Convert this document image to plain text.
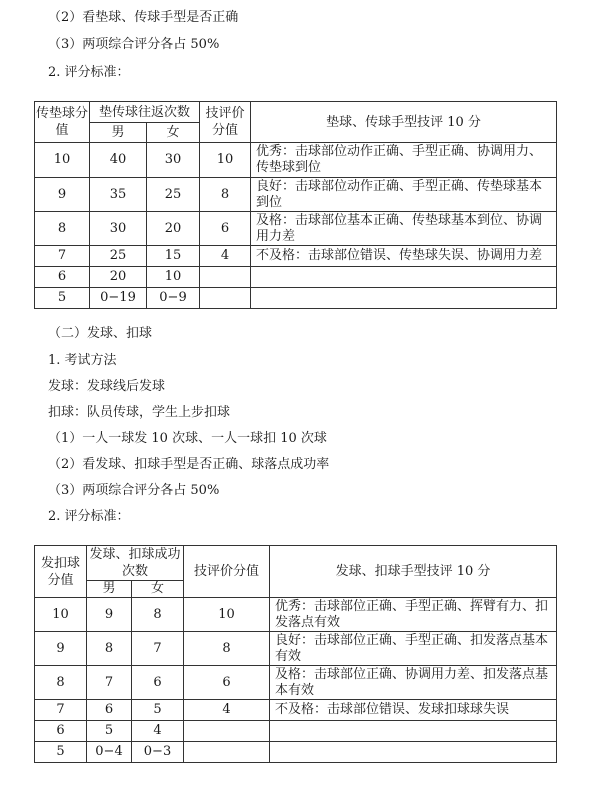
（2）看垫球、传球手型是否正确
（3）两项综合评分各占 50%
2. 评分标准：
传垫球分值	垫传球往返次数		技评价分值	垫球、传球手型技评 10 分
	男	女		
10	40	30	10	优秀：击球部位动作正确、手型正确、协调用力、传垫球到位
9	35	25	8	良好：击球部位动作正确、手型正确、传垫球基本到位
8	30	20	6	及格：击球部位基本正确、传垫球基本到位、协调用力差
7	25	15	4	不及格：击球部位错误、传垫球失误、协调用力差
6	20	10		
5	0−19	0−9		
（二）发球、扣球
1. 考试方法
发球：发球线后发球
扣球：队员传球，学生上步扣球
（1）一人一球发 10 次球、一人一球扣 10 次球
（2）看发球、扣球手型是否正确、球落点成功率
（3）两项综合评分各占 50%
2. 评分标准：
发扣球分值	发球、扣球成功次数		技评价分值	发球、扣球手型技评 10 分
	男	女		
10	9	8	10	优秀：击球部位正确、手型正确、挥臂有力、扣发落点有效
9	8	7	8	良好：击球部位正确、手型正确、扣发落点基本有效
8	7	6	6	及格：击球部位正确、协调用力差、扣发落点基本有效
7	6	5	4	不及格：击球部位错误、发球扣球球失误
6	5	4		
5	0−4	0−3		
